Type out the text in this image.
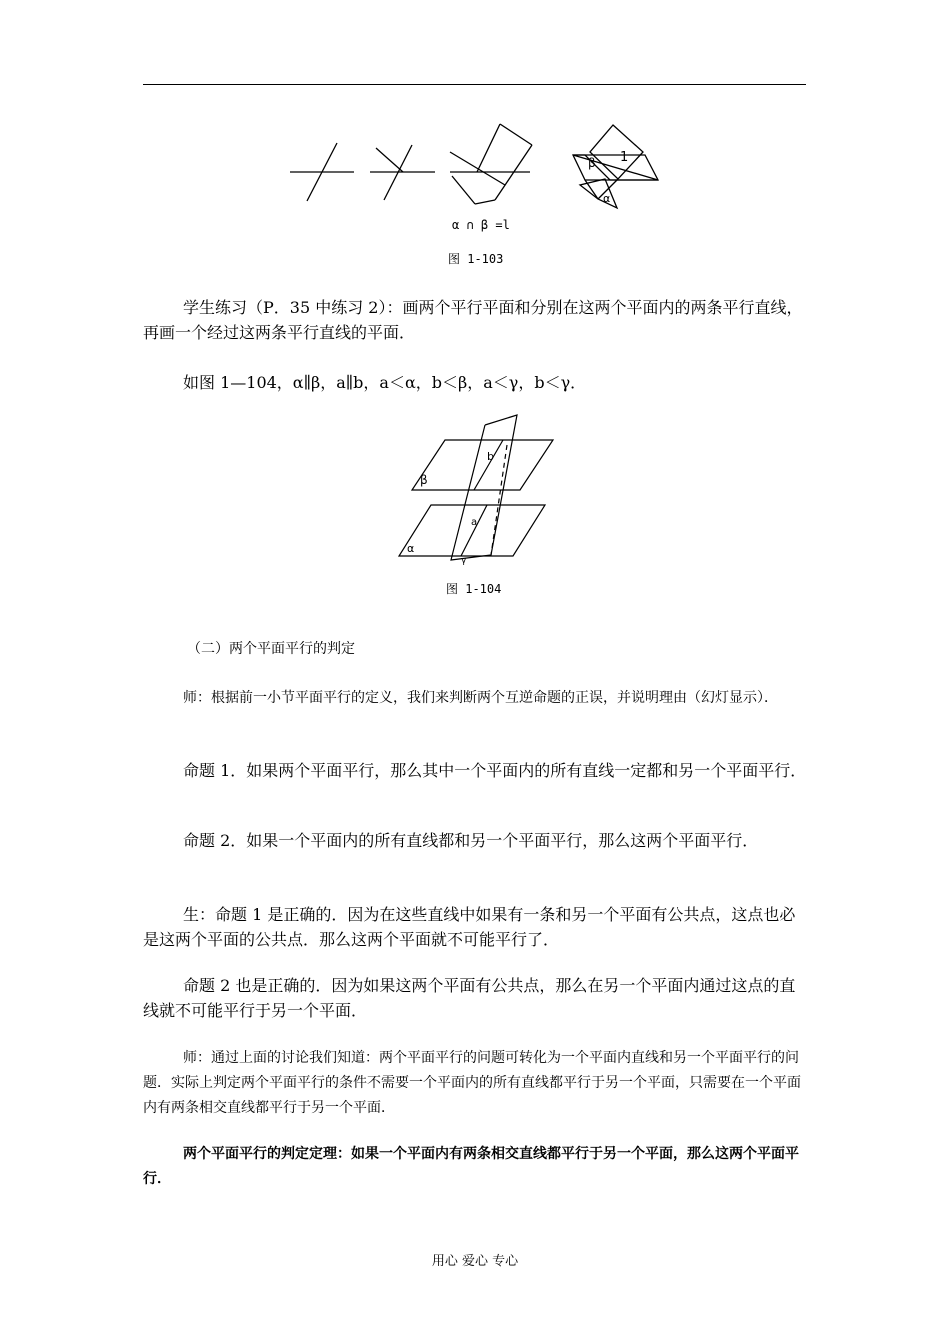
β 1
α
α ∩ β =l
图 1-103

学生练习（P．35 中练习 2）：画两个平行平面和分别在这两个平面内的两条平行直线，再画一个经过这两条平行直线的平面．

如图 1—104，α∥β，a∥b，a＜α，b＜β，a＜γ，b＜γ．

b
β
a
α
γ
图 1-104

（二）两个平面平行的判定

师：根据前一小节平面平行的定义，我们来判断两个互逆命题的正误，并说明理由（幻灯显示）．

命题 1．如果两个平面平行，那么其中一个平面内的所有直线一定都和另一个平面平行．

命题 2．如果一个平面内的所有直线都和另一个平面平行，那么这两个平面平行．

生：命题 1 是正确的．因为在这些直线中如果有一条和另一个平面有公共点，这点也必是这两个平面的公共点．那么这两个平面就不可能平行了．

命题 2 也是正确的．因为如果这两个平面有公共点，那么在另一个平面内通过这点的直线就不可能平行于另一个平面．

师：通过上面的讨论我们知道：两个平面平行的问题可转化为一个平面内直线和另一个平面平行的问题．实际上判定两个平面平行的条件不需要一个平面内的所有直线都平行于另一个平面，只需要在一个平面内有两条相交直线都平行于另一个平面．

两个平面平行的判定定理：如果一个平面内有两条相交直线都平行于另一个平面，那么这两个平面平行．

用心 爱心 专心
